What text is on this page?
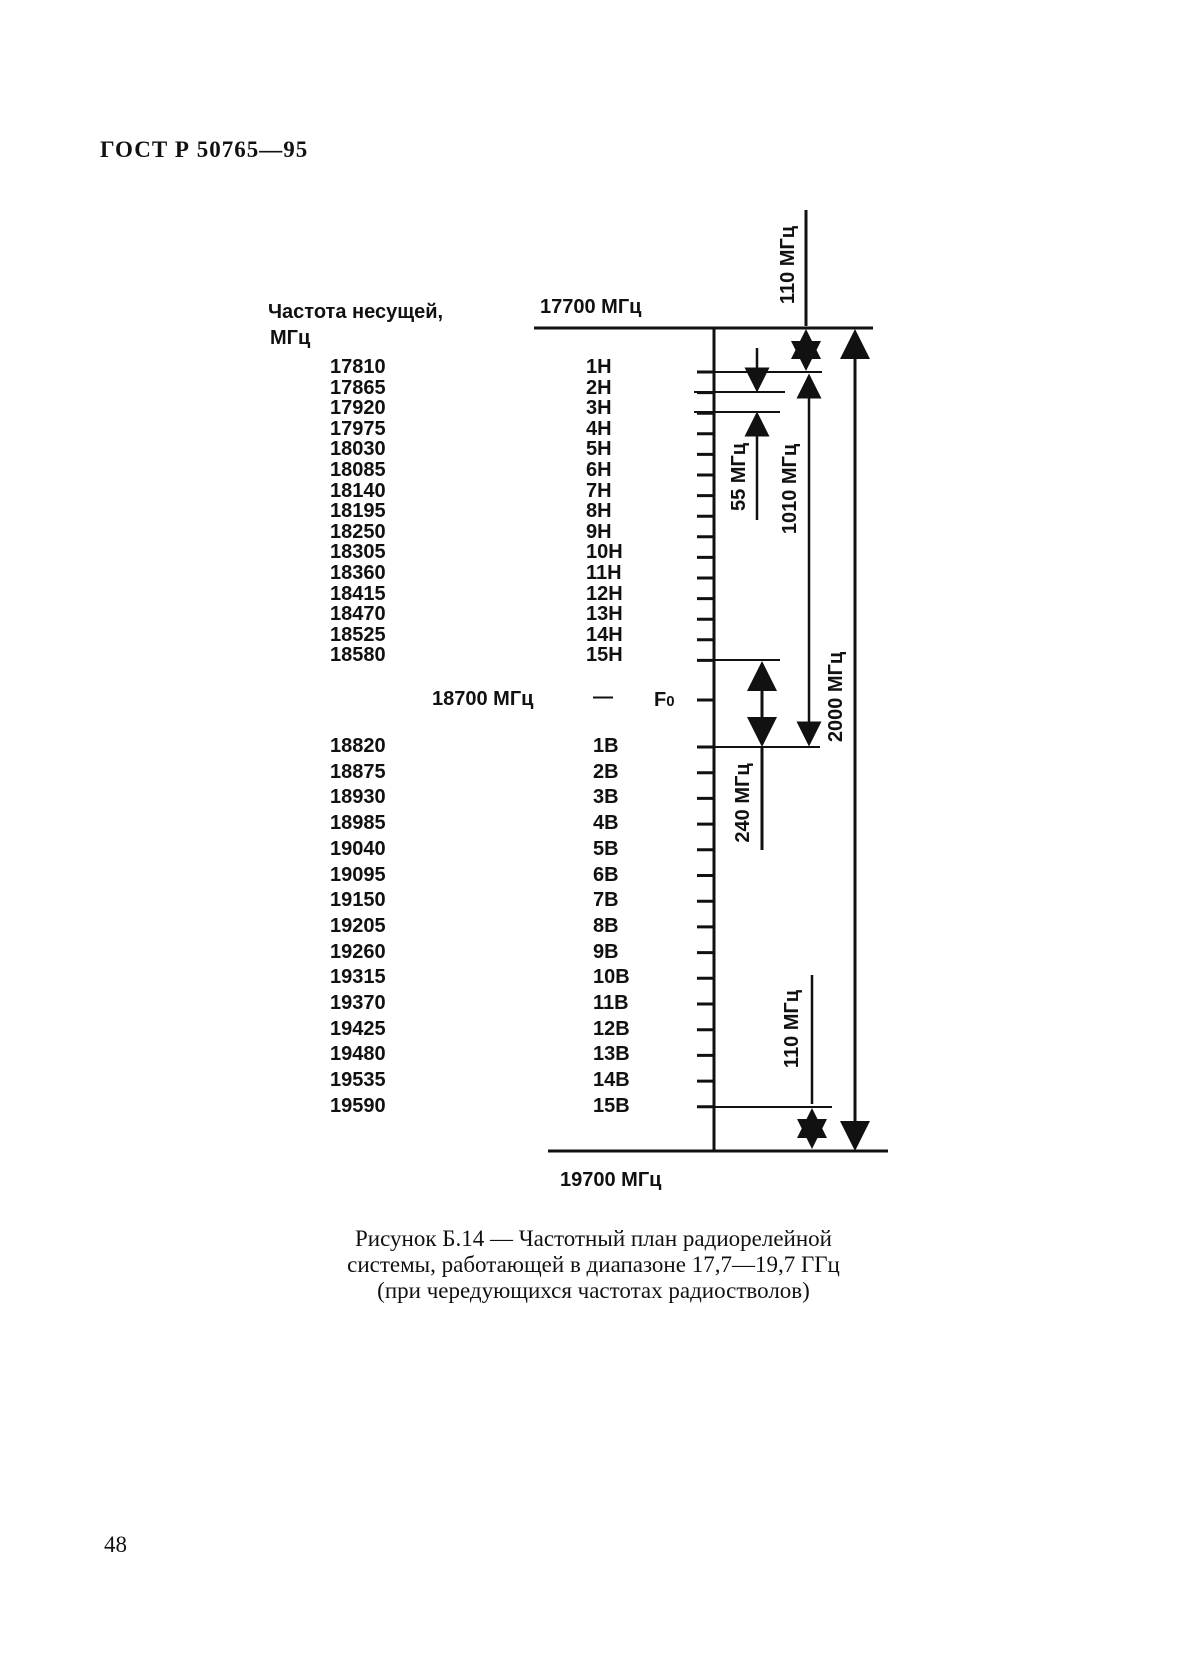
ГОСТ Р 50765—95
Частота несущей,
МГц
17700 МГц
19700 МГц
18700 МГц	— F0
17810	1Н
17865	2Н
17920	3Н
17975	4Н
18030	5Н
18085	6Н
18140	7Н
18195	8Н
18250	9Н
18305	10Н
18360	11Н
18415	12Н
18470	13Н
18525	14Н
18580	15Н
18820	1В
18875	2В
18930	3В
18985	4В
19040	5В
19095	6В
19150	7В
19205	8В
19260	9В
19315	10В
19370	11В
19425	12В
19480	13В
19535	14В
19590	15В
110 МГц
55 МГц 1010 МГц
2000 МГц
240 МГц
110 МГц
Рисунок Б.14 — Частотный план радиорелейной
системы, работающей в диапазоне 17,7—19,7 ГГц
(при чередующихся частотах радиостволов)
48
